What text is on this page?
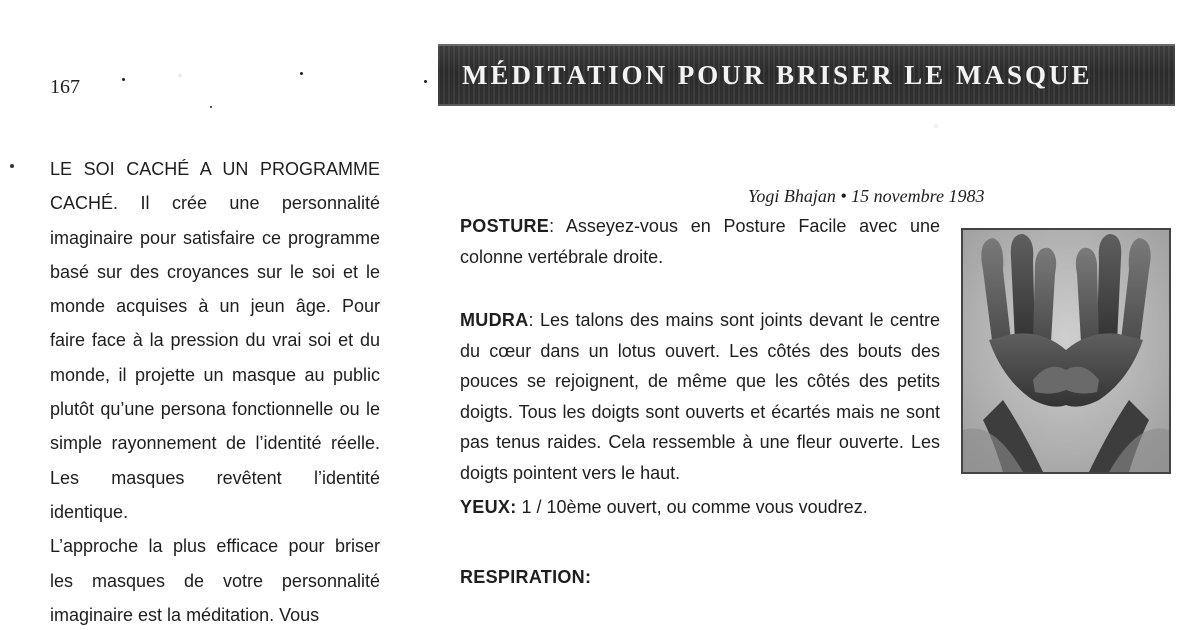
167	MÉDITATION POUR BRISER LE MASQUE

LE SOI CACHÉ A UN PROGRAMME CACHÉ. Il crée une personnalité imaginaire pour satisfaire ce programme basé sur des croyances sur le soi et le monde acquises à un jeun âge. Pour faire face à la pression du vrai soi et du monde, il projette un masque au public plutôt qu’une persona fonctionnelle ou le simple rayonnement de l’identité réelle. Les masques revêtent l’identité identique.

L’approche la plus efficace pour briser les masques de votre personnalité imaginaire est la méditation. Vous

Yogi Bhajan • 15 novembre 1983

POSTURE: Asseyez-vous en Posture Facile avec une colonne vertébrale droite.

MUDRA: Les talons des mains sont joints devant le centre du cœur dans un lotus ouvert. Les côtés des bouts des pouces se rejoignent, de même que les côtés des petits doigts. Tous les doigts sont ouverts et écartés mais ne sont pas tenus raides. Cela ressemble à une fleur ouverte. Les doigts pointent vers le haut.

YEUX: 1 / 10ème ouvert, ou comme vous voudrez.

RESPIRATION:
